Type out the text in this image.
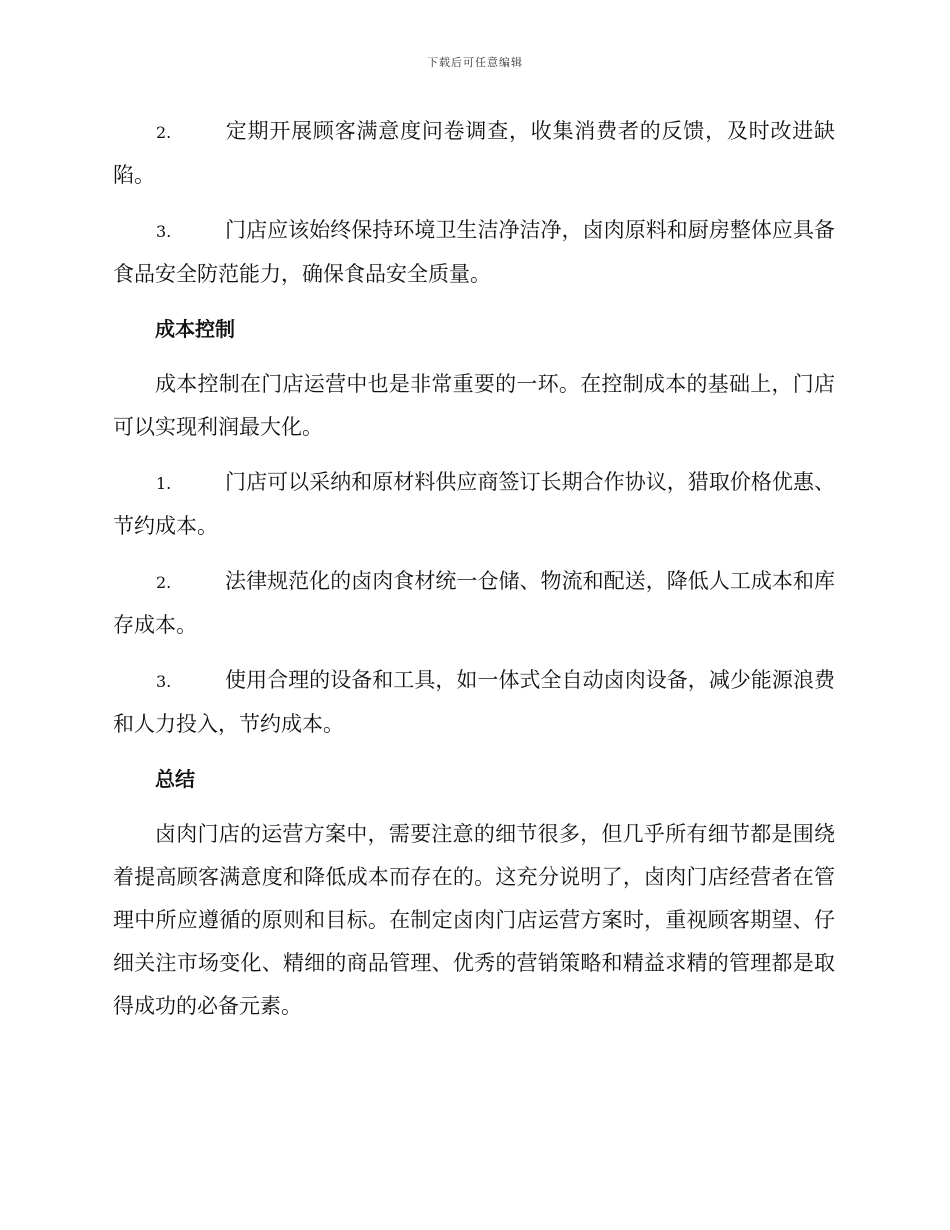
下载后可任意编辑

2.	定期开展顾客满意度问卷调查，收集消费者的反馈，及时改进缺陷。

3.	门店应该始终保持环境卫生洁净洁净，卤肉原料和厨房整体应具备食品安全防范能力，确保食品安全质量。

成本控制

成本控制在门店运营中也是非常重要的一环。在控制成本的基础上，门店可以实现利润最大化。

1.	门店可以采纳和原材料供应商签订长期合作协议，猎取价格优惠、节约成本。

2.	法律规范化的卤肉食材统一仓储、物流和配送，降低人工成本和库存成本。

3.	使用合理的设备和工具，如一体式全自动卤肉设备，减少能源浪费和人力投入，节约成本。

总结

卤肉门店的运营方案中，需要注意的细节很多，但几乎所有细节都是围绕着提高顾客满意度和降低成本而存在的。这充分说明了，卤肉门店经营者在管理中所应遵循的原则和目标。在制定卤肉门店运营方案时，重视顾客期望、仔细关注市场变化、精细的商品管理、优秀的营销策略和精益求精的管理都是取得成功的必备元素。
